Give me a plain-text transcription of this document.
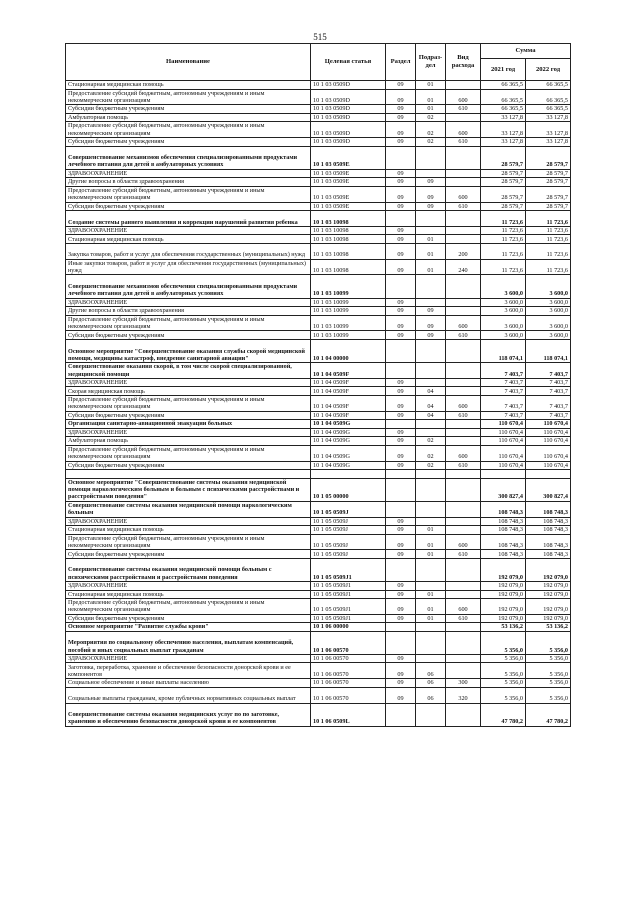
515
Наименование	Целевая статья	Раздел	Подраз-дел	Вид расхода	Сумма	
					2021 год	2022 год
Стационарная медицинская помощь	10 1 03 0509D	09	01		66 365,5	66 365,5
Предоставление субсидий бюджетным, автономным учреждениям и иным некоммерческим организациям	10 1 03 0509D	09	01	600	66 365,5	66 365,5
Субсидии бюджетным учреждениям	10 1 03 0509D	09	01	610	66 365,5	66 365,5
Амбулаторная помощь	10 1 03 0509D	09	02		33 127,8	33 127,8
Предоставление субсидий бюджетным, автономным учреждениям и иным некоммерческим организациям	10 1 03 0509D	09	02	600	33 127,8	33 127,8
Субсидии бюджетным учреждениям	10 1 03 0509D	09	02	610	33 127,8	33 127,8
Совершенствование механизмов обеспечения специализированными продуктами лечебного питания для детей в амбулаторных условиях	10 1 03 0509E				28 579,7	28 579,7
ЗДРАВООХРАНЕНИЕ	10 1 03 0509E	09			28 579,7	28 579,7
Другие вопросы в области здравоохранения	10 1 03 0509E	09	09		28 579,7	28 579,7
Предоставление субсидий бюджетным, автономным учреждениям и иным некоммерческим организациям	10 1 03 0509E	09	09	600	28 579,7	28 579,7
Субсидии бюджетным учреждениям	10 1 03 0509E	09	09	610	28 579,7	28 579,7
Создание системы раннего выявления и коррекции нарушений развития ребенка	10 1 03 10098				11 723,6	11 723,6
ЗДРАВООХРАНЕНИЕ	10 1 03 10098	09			11 723,6	11 723,6
Стационарная медицинская помощь	10 1 03 10098	09	01		11 723,6	11 723,6
Закупка товаров, работ и услуг для обеспечения государственных (муниципальных) нужд	10 1 03 10098	09	01	200	11 723,6	11 723,6
Иные закупки товаров, работ и услуг для обеспечения государственных (муниципальных) нужд	10 1 03 10098	09	01	240	11 723,6	11 723,6
Совершенствование механизмов обеспечения специализированными продуктами лечебного питания для детей в амбулаторных условиях	10 1 03 10099				3 600,0	3 600,0
ЗДРАВООХРАНЕНИЕ	10 1 03 10099	09			3 600,0	3 600,0
Другие вопросы в области здравоохранения	10 1 03 10099	09	09		3 600,0	3 600,0
Предоставление субсидий бюджетным, автономным учреждениям и иным некоммерческим организациям	10 1 03 10099	09	09	600	3 600,0	3 600,0
Субсидии бюджетным учреждениям	10 1 03 10099	09	09	610	3 600,0	3 600,0
Основное мероприятие "Совершенствование оказания службы скорой медицинской помощи, медицины катастроф, внедрение санитарной авиации"	10 1 04 00000				118 074,1	118 074,1
Совершенствование оказания скорой, в том числе скорой специализированной, медицинской помощи	10 1 04 0509F				7 403,7	7 403,7
ЗДРАВООХРАНЕНИЕ	10 1 04 0509F	09			7 403,7	7 403,7
Скорая медицинская помощь	10 1 04 0509F	09	04		7 403,7	7 403,7
Предоставление субсидий бюджетным, автономным учреждениям и иным некоммерческим организациям	10 1 04 0509F	09	04	600	7 403,7	7 403,7
Субсидии бюджетным учреждениям	10 1 04 0509F	09	04	610	7 403,7	7 403,7
Организация санитарно-авиационной эвакуации больных	10 1 04 0509G				110 670,4	110 670,4
ЗДРАВООХРАНЕНИЕ	10 1 04 0509G	09			110 670,4	110 670,4
Амбулаторная помощь	10 1 04 0509G	09	02		110 670,4	110 670,4
Предоставление субсидий бюджетным, автономным учреждениям и иным некоммерческим организациям	10 1 04 0509G	09	02	600	110 670,4	110 670,4
Субсидии бюджетным учреждениям	10 1 04 0509G	09	02	610	110 670,4	110 670,4

Основное мероприятие "Совершенствование системы оказания медицинской помощи наркологическим больным и больным с психическими расстройствами и расстройствами поведения"	10 1 05 00000				300 827,4	300 827,4
Совершенствование системы оказания медицинской помощи наркологическим больным	10 1 05 0509J				108 748,3	108 748,3
ЗДРАВООХРАНЕНИЕ	10 1 05 0509J	09			108 748,3	108 748,3
Стационарная медицинская помощь	10 1 05 0509J	09	01		108 748,3	108 748,3
Предоставление субсидий бюджетным, автономным учреждениям и иным некоммерческим организациям	10 1 05 0509J	09	01	600	108 748,3	108 748,3
Субсидии бюджетным учреждениям	10 1 05 0509J	09	01	610	108 748,3	108 748,3
Совершенствование системы оказания медицинской помощи больным с психическими расстройствами и расстройствами поведения	10 1 05 0509J1				192 079,0	192 079,0
ЗДРАВООХРАНЕНИЕ	10 1 05 0509J1	09			192 079,0	192 079,0
Стационарная медицинская помощь	10 1 05 0509J1	09	01		192 079,0	192 079,0
Предоставление субсидий бюджетным, автономным учреждениям и иным некоммерческим организациям	10 1 05 0509J1	09	01	600	192 079,0	192 079,0
Субсидии бюджетным учреждениям	10 1 05 0509J1	09	01	610	192 079,0	192 079,0
Основное мероприятие "Развитие службы крови"	10 1 06 00000				53 136,2	53 136,2
Мероприятия по социальному обеспечению населения, выплатам компенсаций, пособий и иных социальных выплат гражданам	10 1 06 00570				5 356,0	5 356,0
ЗДРАВООХРАНЕНИЕ	10 1 06 00570	09			5 356,0	5 356,0
Заготовка, переработка, хранение и обеспечение безопасности донорской крови и ее компонентов	10 1 06 00570	09	06		5 356,0	5 356,0
Социальное обеспечение и иные выплаты населению	10 1 06 00570	09	06	300	5 356,0	5 356,0
Социальные выплаты гражданам, кроме публичных нормативных социальных выплат	10 1 06 00570	09	06	320	5 356,0	5 356,0
Совершенствование системы оказания медицинских услуг по по заготовке, хранению и обеспечению безопасности донорской крови и ее компонентов	10 1 06 0509L				47 780,2	47 780,2
